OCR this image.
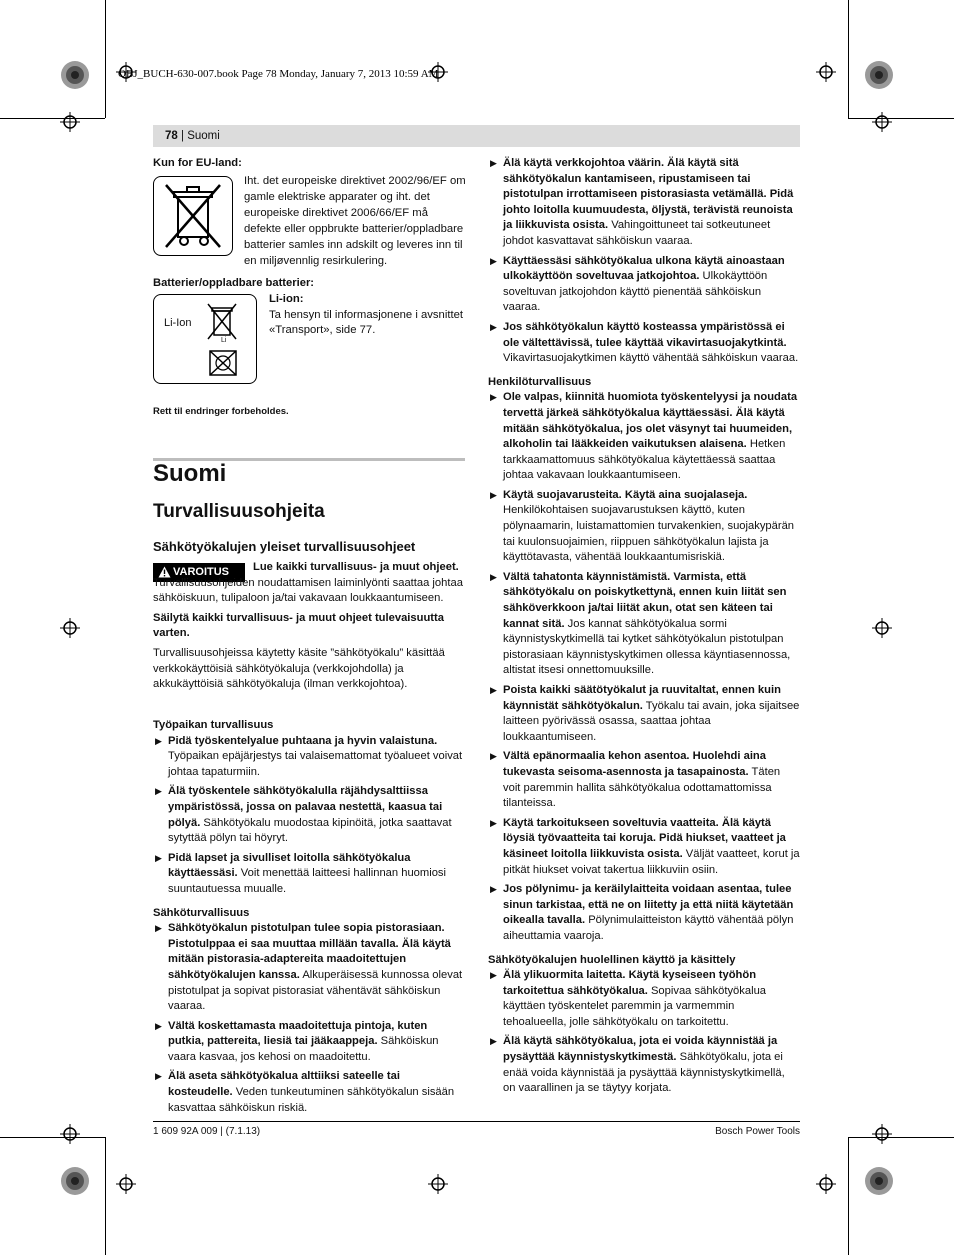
OBJ_BUCH-630-007.book Page 78 Monday, January 7, 2013 10:59 AM
78 | Suomi

Kun for EU-land:

Iht. det europeiske direktivet 2002/96/EF om gamle elektriske apparater og iht. det europeiske direktivet 2006/66/EF må defekte eller oppbrukte batterier/oppladbare batterier samles inn adskilt og leveres inn til en miljøvennlig resirkulering.

Batterier/oppladbare batterier:

Li-Ion
Li

Li-ion:

Ta hensyn til informasjonene i avsnittet «Transport», side 77.

Rett til endringer forbeholdes.

Suomi
Turvallisuusohjeita
Sähkötyökalujen yleiset turvallisuusohjeet
VAROITUS	Lue kaikki turvallisuus- ja muut ohjeet. Turvallisuusohjeiden noudattamisen laiminlyönti saattaa johtaa sähköiskuun, tulipaloon ja/tai vakavaan loukkaantumiseen.

Säilytä kaikki turvallisuus- ja muut ohjeet tulevaisuutta varten.

Turvallisuusohjeissa käytetty käsite ”sähkötyökalu” käsittää verkkokäyttöisiä sähkötyökaluja (verkkojohdolla) ja akkukäyttöisiä sähkötyökaluja (ilman verkkojohtoa).

Työpaikan turvallisuus

▶ Pidä työskentelyalue puhtaana ja hyvin valaistuna. Työpaikan epäjärjestys tai valaisemattomat työalueet voivat johtaa tapaturmiin.
▶ Älä työskentele sähkötyökalulla räjähdysalttiissa ympäristössä, jossa on palavaa nestettä, kaasua tai pölyä. Sähkötyökalu muodostaa kipinöitä, jotka saattavat sytyttää pölyn tai höyryt.
▶ Pidä lapset ja sivulliset loitolla sähkötyökalua käyttäessäsi. Voit menettää laitteesi hallinnan huomiosi suuntautuessa muualle.

Sähköturvallisuus

▶ Sähkötyökalun pistotulpan tulee sopia pistorasiaan. Pistotulppaa ei saa muuttaa millään tavalla. Älä käytä mitään pistorasia-adaptereita maadoitettujen sähkötyökalujen kanssa. Alkuperäisessä kunnossa olevat pistotulpat ja sopivat pistorasiat vähentävät sähköiskun vaaraa.
▶ Vältä koskettamasta maadoitettuja pintoja, kuten putkia, pattereita, liesiä tai jääkaappeja. Sähköiskun vaara kasvaa, jos kehosi on maadoitettu.
▶ Älä aseta sähkötyökalua alttiiksi sateelle tai kosteudelle. Veden tunkeutuminen sähkötyökalun sisään kasvattaa sähköiskun riskiä.
▶ Älä käytä verkkojohtoa väärin. Älä käytä sitä sähkötyökalun kantamiseen, ripustamiseen tai pistotulpan irrottamiseen pistorasiasta vetämällä. Pidä johto loitolla kuumuudesta, öljystä, terävistä reunoista ja liikkuvista osista. Vahingoittuneet tai sotkeutuneet johdot kasvattavat sähköiskun vaaraa.
▶ Käyttäessäsi sähkötyökalua ulkona käytä ainoastaan ulkokäyttöön soveltuvaa jatkojohtoa. Ulkokäyttöön soveltuvan jatkojohdon käyttö pienentää sähköiskun vaaraa.
▶ Jos sähkötyökalun käyttö kosteassa ympäristössä ei ole vältettävissä, tulee käyttää vikavirtasuojakytkintä. Vikavirtasuojakytkimen käyttö vähentää sähköiskun vaaraa.

Henkilöturvallisuus

▶ Ole valpas, kiinnitä huomiota työskentelyysi ja noudata tervettä järkeä sähkötyökalua käyttäessäsi. Älä käytä mitään sähkötyökalua, jos olet väsynyt tai huumeiden, alkoholin tai lääkkeiden vaikutuksen alaisena. Hetken tarkkaamattomuus sähkötyökalua käytettäessä saattaa johtaa vakavaan loukkaantumiseen.
▶ Käytä suojavarusteita. Käytä aina suojalaseja. Henkilökohtaisen suojavarustuksen käyttö, kuten pölynaamarin, luistamattomien turvakenkien, suojakypärän tai kuulonsuojaimien, riippuen sähkötyökalun lajista ja käyttötavasta, vähentää loukkaantumisriskiä.
▶ Vältä tahatonta käynnistämistä. Varmista, että sähkötyökalu on poiskytkettynä, ennen kuin liität sen sähköverkkoon ja/tai liität akun, otat sen käteen tai kannat sitä. Jos kannat sähkötyökalua sormi käynnistyskytkimellä tai kytket sähkötyökalun pistotulpan pistorasiaan käynnistyskytkimen ollessa käyntiasennossa, altistat itsesi onnettomuuksille.
▶ Poista kaikki säätötyökalut ja ruuvitaltat, ennen kuin käynnistät sähkötyökalun. Työkalu tai avain, joka sijaitsee laitteen pyörivässä osassa, saattaa johtaa loukkaantumiseen.
▶ Vältä epänormaalia kehon asentoa. Huolehdi aina tukevasta seisoma-asennosta ja tasapainosta. Täten voit paremmin hallita sähkötyökalua odottamattomissa tilanteissa.
▶ Käytä tarkoitukseen soveltuvia vaatteita. Älä käytä löysiä työvaatteita tai koruja. Pidä hiukset, vaatteet ja käsineet loitolla liikkuvista osista. Väljät vaatteet, korut ja pitkät hiukset voivat takertua liikkuviin osiin.
▶ Jos pölynimu- ja keräilylaitteita voidaan asentaa, tulee sinun tarkistaa, että ne on liitetty ja että niitä käytetään oikealla tavalla. Pölynimulaitteiston käyttö vähentää pölyn aiheuttamia vaaroja.

Sähkötyökalujen huolellinen käyttö ja käsittely

▶ Älä ylikuormita laitetta. Käytä kyseiseen työhön tarkoitettua sähkötyökalua. Sopivaa sähkötyökalua käyttäen työskentelet paremmin ja varmemmin tehoalueella, jolle sähkötyökalu on tarkoitettu.
▶ Älä käytä sähkötyökalua, jota ei voida käynnistää ja pysäyttää käynnistyskytkimestä. Sähkötyökalu, jota ei enää voida käynnistää ja pysäyttää käynnistyskytkimellä, on vaarallinen ja se täytyy korjata.
1 609 92A 009 | (7.1.13)	Bosch Power Tools
